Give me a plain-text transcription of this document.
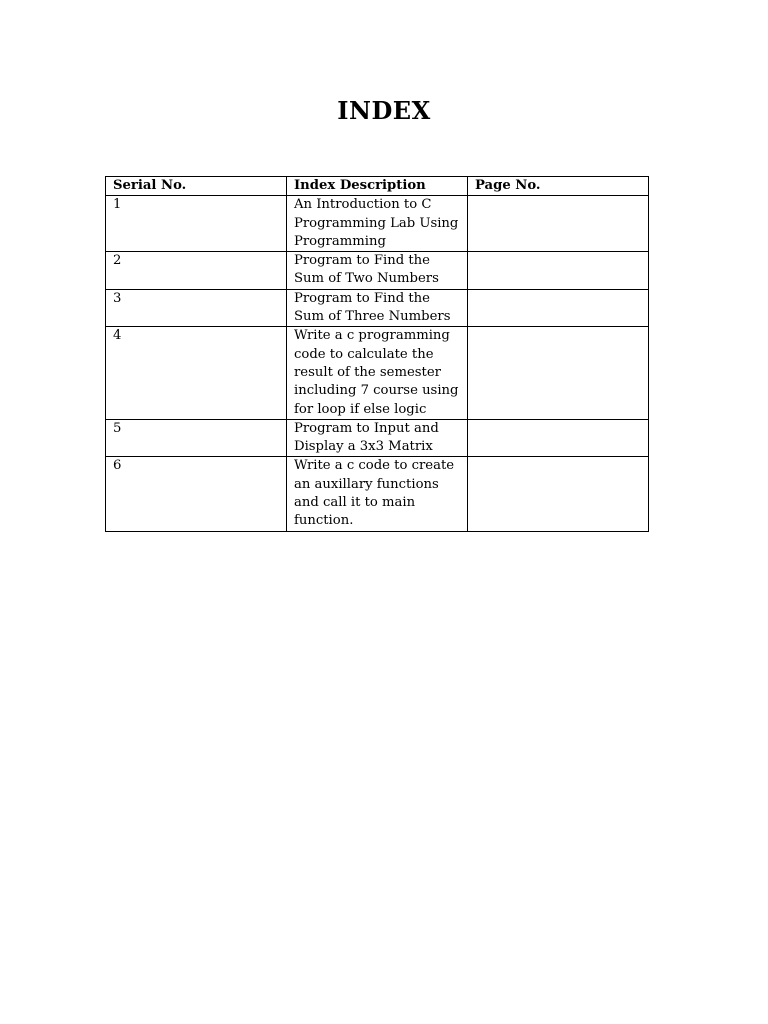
INDEX
Serial No.	Index Description	Page No.
1	An Introduction to C Programming Lab Using Programming	
2	Program to Find the Sum of Two Numbers	
3	Program to Find the Sum of Three Numbers	
4	Write a c programming code to calculate the result of the semester including 7 course using for loop if else logic	
5	Program to Input and Display a 3x3 Matrix	
6	Write a c code to create an auxillary functions and call it to main function.	
